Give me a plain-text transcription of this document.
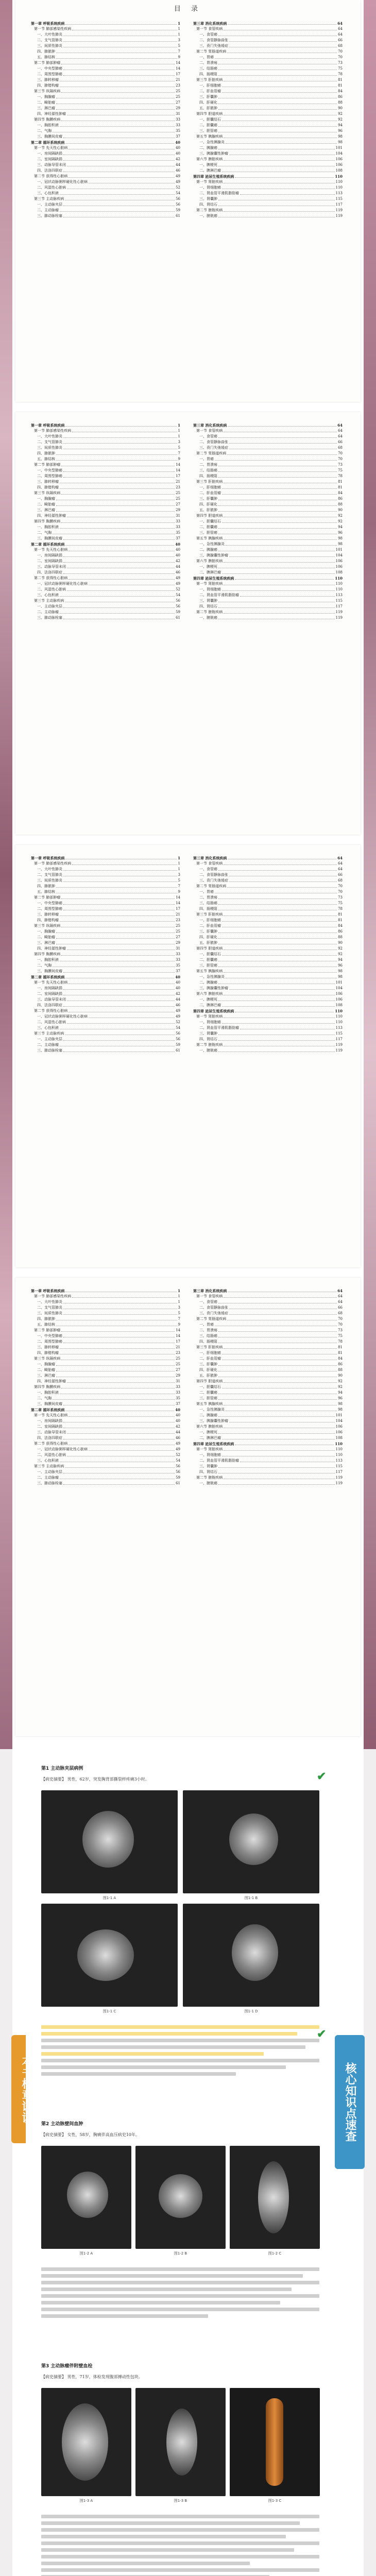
目 录
第一章 呼吸系统疾病	1
第一节 肺部感染性疾病	1
一、大叶性肺炎	1
二、支气管肺炎	3
三、间质性肺炎	5
四、肺脓肿	7
五、肺结核	9
第二节 肺部肿瘤	14
一、中央型肺癌	14
二、周围型肺癌	17
三、肺转移瘤	21
四、肺错构瘤	23
第三节 纵隔疾病	25
一、胸腺瘤	25
二、畸胎瘤	27
三、淋巴瘤	29
四、神经源性肿瘤	31
第四节 胸膜疾病	33
一、胸腔积液	33
二、气胸	35
三、胸膜间皮瘤	37
第二章 循环系统疾病	40
第一节 先天性心脏病	40
一、房间隔缺损	40
二、室间隔缺损	42
三、动脉导管未闭	44
四、法洛四联症	46
第二节 获得性心脏病	49
一、冠状动脉粥样硬化性心脏病	49
二、风湿性心脏病	52
三、心包积液	54
第三节 主动脉疾病	56
一、主动脉夹层	56
二、主动脉瘤	59
三、肺动脉栓塞	61
第三章 消化系统疾病	64
第一节 食管疾病	64
一、食管癌	64
二、食管静脉曲张	66
三、贲门失弛缓症	68
第二节 胃肠道疾病	70
一、胃癌	70
二、胃溃疡	73
三、结肠癌	75
四、肠梗阻	78
第三节 肝脏疾病	81
一、肝细胞癌	81
二、肝血管瘤	84
三、肝囊肿	86
四、肝硬化	88
五、肝脓肿	90
第四节 胆道疾病	92
一、胆囊结石	92
二、胆囊癌	94
三、胆管癌	96
第五节 胰腺疾病	98
一、急性胰腺炎	98
二、胰腺癌	101
三、胰腺囊性肿瘤	104
第六节 脾脏疾病	106
一、脾梗死	106
二、脾淋巴瘤	108
第四章 泌尿生殖系统疾病	110
第一节 肾脏疾病	110
一、肾细胞癌	110
二、肾血管平滑肌脂肪瘤	113
三、肾囊肿	115
四、肾结石	117
第二节 膀胱疾病	119
一、膀胱癌	119
第一章 呼吸系统疾病	1
第一节 肺部感染性疾病	1
一、大叶性肺炎	1
二、支气管肺炎	3
三、间质性肺炎	5
四、肺脓肿	7
五、肺结核	9
第二节 肺部肿瘤	14
一、中央型肺癌	14
二、周围型肺癌	17
三、肺转移瘤	21
四、肺错构瘤	23
第三节 纵隔疾病	25
一、胸腺瘤	25
二、畸胎瘤	27
三、淋巴瘤	29
四、神经源性肿瘤	31
第四节 胸膜疾病	33
一、胸腔积液	33
二、气胸	35
三、胸膜间皮瘤	37
第二章 循环系统疾病	40
第一节 先天性心脏病	40
一、房间隔缺损	40
二、室间隔缺损	42
三、动脉导管未闭	44
四、法洛四联症	46
第二节 获得性心脏病	49
一、冠状动脉粥样硬化性心脏病	49
二、风湿性心脏病	52
三、心包积液	54
第三节 主动脉疾病	56
一、主动脉夹层	56
二、主动脉瘤	59
三、肺动脉栓塞	61
第三章 消化系统疾病	64
第一节 食管疾病	64
一、食管癌	64
二、食管静脉曲张	66
三、贲门失弛缓症	68
第二节 胃肠道疾病	70
一、胃癌	70
二、胃溃疡	73
三、结肠癌	75
四、肠梗阻	78
第三节 肝脏疾病	81
一、肝细胞癌	81
二、肝血管瘤	84
三、肝囊肿	86
四、肝硬化	88
五、肝脓肿	90
第四节 胆道疾病	92
一、胆囊结石	92
二、胆囊癌	94
三、胆管癌	96
第五节 胰腺疾病	98
一、急性胰腺炎	98
二、胰腺癌	101
三、胰腺囊性肿瘤	104
第六节 脾脏疾病	106
一、脾梗死	106
二、脾淋巴瘤	108
第四章 泌尿生殖系统疾病	110
第一节 肾脏疾病	110
一、肾细胞癌	110
二、肾血管平滑肌脂肪瘤	113
三、肾囊肿	115
四、肾结石	117
第二节 膀胱疾病	119
一、膀胱癌	119
第一章 呼吸系统疾病	1
第一节 肺部感染性疾病	1
一、大叶性肺炎	1
二、支气管肺炎	3
三、间质性肺炎	5
四、肺脓肿	7
五、肺结核	9
第二节 肺部肿瘤	14
一、中央型肺癌	14
二、周围型肺癌	17
三、肺转移瘤	21
四、肺错构瘤	23
第三节 纵隔疾病	25
一、胸腺瘤	25
二、畸胎瘤	27
三、淋巴瘤	29
四、神经源性肿瘤	31
第四节 胸膜疾病	33
一、胸腔积液	33
二、气胸	35
三、胸膜间皮瘤	37
第二章 循环系统疾病	40
第一节 先天性心脏病	40
一、房间隔缺损	40
二、室间隔缺损	42
三、动脉导管未闭	44
四、法洛四联症	46
第二节 获得性心脏病	49
一、冠状动脉粥样硬化性心脏病	49
二、风湿性心脏病	52
三、心包积液	54
第三节 主动脉疾病	56
一、主动脉夹层	56
二、主动脉瘤	59
三、肺动脉栓塞	61
第三章 消化系统疾病	64
第一节 食管疾病	64
一、食管癌	64
二、食管静脉曲张	66
三、贲门失弛缓症	68
第二节 胃肠道疾病	70
一、胃癌	70
二、胃溃疡	73
三、结肠癌	75
四、肠梗阻	78
第三节 肝脏疾病	81
一、肝细胞癌	81
二、肝血管瘤	84
三、肝囊肿	86
四、肝硬化	88
五、肝脓肿	90
第四节 胆道疾病	92
一、胆囊结石	92
二、胆囊癌	94
三、胆管癌	96
第五节 胰腺疾病	98
一、急性胰腺炎	98
二、胰腺癌	101
三、胰腺囊性肿瘤	104
第六节 脾脏疾病	106
一、脾梗死	106
二、脾淋巴瘤	108
第四章 泌尿生殖系统疾病	110
第一节 肾脏疾病	110
一、肾细胞癌	110
二、肾血管平滑肌脂肪瘤	113
三、肾囊肿	115
四、肾结石	117
第二节 膀胱疾病	119
一、膀胱癌	119
第一章 呼吸系统疾病	1
第一节 肺部感染性疾病	1
一、大叶性肺炎	1
二、支气管肺炎	3
三、间质性肺炎	5
四、肺脓肿	7
五、肺结核	9
第二节 肺部肿瘤	14
一、中央型肺癌	14
二、周围型肺癌	17
三、肺转移瘤	21
四、肺错构瘤	23
第三节 纵隔疾病	25
一、胸腺瘤	25
二、畸胎瘤	27
三、淋巴瘤	29
四、神经源性肿瘤	31
第四节 胸膜疾病	33
一、胸腔积液	33
二、气胸	35
三、胸膜间皮瘤	37
第二章 循环系统疾病	40
第一节 先天性心脏病	40
一、房间隔缺损	40
二、室间隔缺损	42
三、动脉导管未闭	44
四、法洛四联症	46
第二节 获得性心脏病	49
一、冠状动脉粥样硬化性心脏病	49
二、风湿性心脏病	52
三、心包积液	54
第三节 主动脉疾病	56
一、主动脉夹层	56
二、主动脉瘤	59
三、肺动脉栓塞	61
第三章 消化系统疾病	64
第一节 食管疾病	64
一、食管癌	64
二、食管静脉曲张	66
三、贲门失弛缓症	68
第二节 胃肠道疾病	70
一、胃癌	70
二、胃溃疡	73
三、结肠癌	75
四、肠梗阻	78
第三节 肝脏疾病	81
一、肝细胞癌	81
二、肝血管瘤	84
三、肝囊肿	86
四、肝硬化	88
五、肝脓肿	90
第四节 胆道疾病	92
一、胆囊结石	92
二、胆囊癌	94
三、胆管癌	96
第五节 胰腺疾病	98
一、急性胰腺炎	98
二、胰腺癌	101
三、胰腺囊性肿瘤	104
第六节 脾脏疾病	106
一、脾梗死	106
二、脾淋巴瘤	108
第四章 泌尿生殖系统疾病	110
第一节 肾脏疾病	110
一、肾细胞癌	110
二、肾血管平滑肌脂肪瘤	113
三、肾囊肿	115
四、肾结石	117
第二节 膀胱疾病	119
一、膀胱癌	119
核心知识点速查
第1 主动脉夹层病例
【病史摘要】 男性，62岁，突发胸背部撕裂样疼痛3小时。	✔
图1-1 A	图1-1 B
图1-1 C	图1-1 D
✔
第2 主动脉壁间血肿
【病史摘要】 女性，58岁，胸痛伴高血压病史10年。
图1-2 A	图1-2 B	图1-2 C
第3 主动脉瘤伴附壁血栓
【病史摘要】 男性，71岁，体检发现腹部搏动性包块。
图1-3 A	图1-3 B	图1-3 C
